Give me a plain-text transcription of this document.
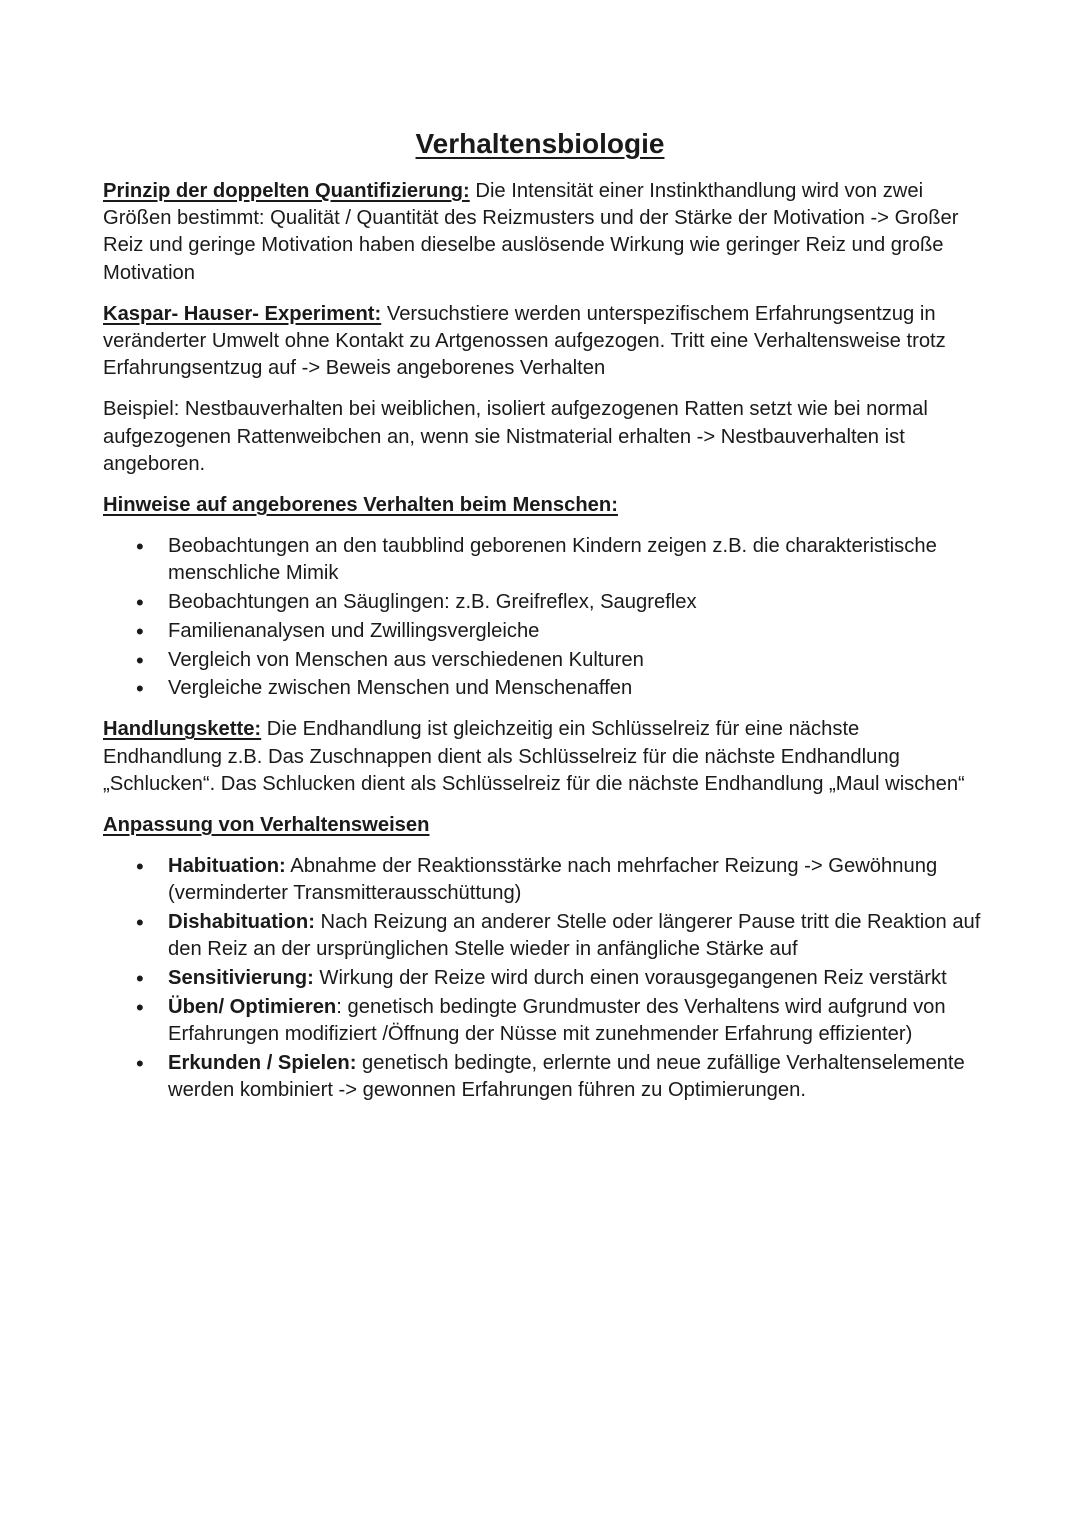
Verhaltensbiologie

Prinzip der doppelten Quantifizierung: Die Intensität einer Instinkthandlung wird von zwei Größen bestimmt: Qualität / Quantität des Reizmusters und der Stärke der Motivation -> Großer Reiz und geringe Motivation haben dieselbe auslösende Wirkung wie geringer Reiz und große Motivation

Kaspar- Hauser- Experiment: Versuchstiere werden unterspezifischem Erfahrungsentzug in veränderter Umwelt ohne Kontakt zu Artgenossen aufgezogen. Tritt eine Verhaltensweise trotz Erfahrungsentzug auf -> Beweis angeborenes Verhalten

Beispiel: Nestbauverhalten bei weiblichen, isoliert aufgezogenen Ratten setzt wie bei normal aufgezogenen Rattenweibchen an, wenn sie Nistmaterial erhalten -> Nestbauverhalten ist angeboren.

Hinweise auf angeborenes Verhalten beim Menschen:
• Beobachtungen an den taubblind geborenen Kindern zeigen z.B. die charakteristische menschliche Mimik
• Beobachtungen an Säuglingen: z.B. Greifreflex, Saugreflex
• Familienanalysen und Zwillingsvergleiche
• Vergleich von Menschen aus verschiedenen Kulturen
• Vergleiche zwischen Menschen und Menschenaffen

Handlungskette: Die Endhandlung ist gleichzeitig ein Schlüsselreiz für eine nächste Endhandlung z.B. Das Zuschnappen dient als Schlüsselreiz für die nächste Endhandlung „Schlucken“. Das Schlucken dient als Schlüsselreiz für die nächste Endhandlung „Maul wischen“

Anpassung von Verhaltensweisen
• Habituation: Abnahme der Reaktionsstärke nach mehrfacher Reizung -> Gewöhnung (verminderter Transmitterausschüttung)
• Dishabituation: Nach Reizung an anderer Stelle oder längerer Pause tritt die Reaktion auf den Reiz an der ursprünglichen Stelle wieder in anfängliche Stärke auf
• Sensitivierung: Wirkung der Reize wird durch einen vorausgegangenen Reiz verstärkt
• Üben/ Optimieren: genetisch bedingte Grundmuster des Verhaltens wird aufgrund von Erfahrungen modifiziert /Öffnung der Nüsse mit zunehmender Erfahrung effizienter)
• Erkunden / Spielen: genetisch bedingte, erlernte und neue zufällige Verhaltenselemente werden kombiniert -> gewonnen Erfahrungen führen zu Optimierungen.
